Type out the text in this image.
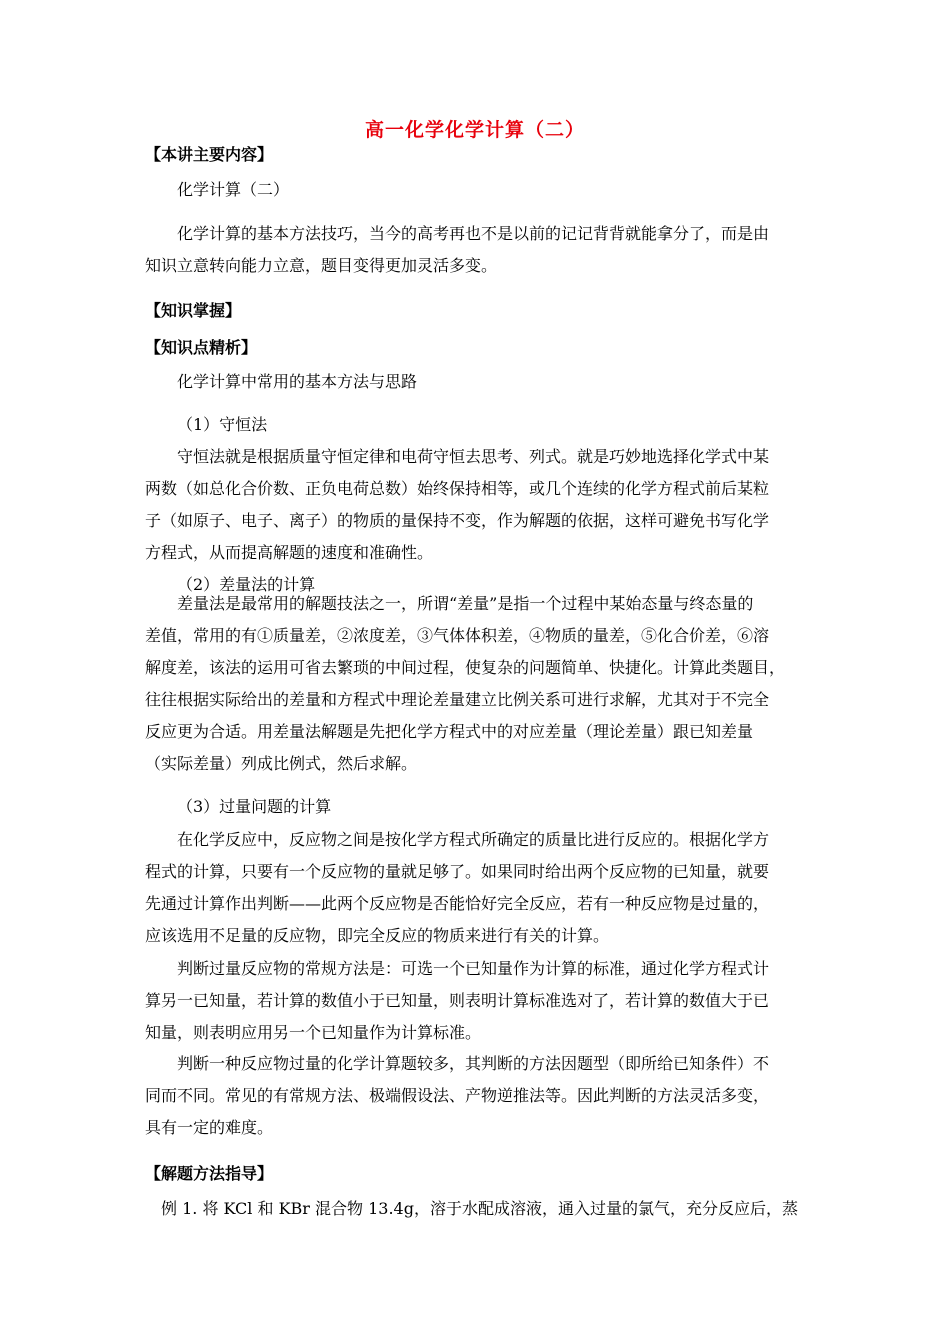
高一化学化学计算（二）
【本讲主要内容】
化学计算（二）
化学计算的基本方法技巧，当今的高考再也不是以前的记记背背就能拿分了，而是由
知识立意转向能力立意，题目变得更加灵活多变。
【知识掌握】
【知识点精析】
化学计算中常用的基本方法与思路
（1）守恒法
守恒法就是根据质量守恒定律和电荷守恒去思考、列式。就是巧妙地选择化学式中某
两数（如总化合价数、正负电荷总数）始终保持相等，或几个连续的化学方程式前后某粒
子（如原子、电子、离子）的物质的量保持不变，作为解题的依据，这样可避免书写化学
方程式，从而提高解题的速度和准确性。
（2）差量法的计算
差量法是最常用的解题技法之一，所谓“差量”是指一个过程中某始态量与终态量的
差值，常用的有①质量差，②浓度差，③气体体积差，④物质的量差，⑤化合价差，⑥溶
解度差，该法的运用可省去繁琐的中间过程，使复杂的问题简单、快捷化。计算此类题目，
往往根据实际给出的差量和方程式中理论差量建立比例关系可进行求解，尤其对于不完全
反应更为合适。用差量法解题是先把化学方程式中的对应差量（理论差量）跟已知差量
（实际差量）列成比例式，然后求解。
（3）过量问题的计算
在化学反应中，反应物之间是按化学方程式所确定的质量比进行反应的。根据化学方
程式的计算，只要有一个反应物的量就足够了。如果同时给出两个反应物的已知量，就要
先通过计算作出判断——此两个反应物是否能恰好完全反应，若有一种反应物是过量的，
应该选用不足量的反应物，即完全反应的物质来进行有关的计算。
判断过量反应物的常规方法是：可选一个已知量作为计算的标准，通过化学方程式计
算另一已知量，若计算的数值小于已知量，则表明计算标准选对了，若计算的数值大于已
知量，则表明应用另一个已知量作为计算标准。
判断一种反应物过量的化学计算题较多，其判断的方法因题型（即所给已知条件）不
同而不同。常见的有常规方法、极端假设法、产物逆推法等。因此判断的方法灵活多变，
具有一定的难度。
【解题方法指导】
例 1. 将 KCl 和 KBr 混合物 13.4g，溶于水配成溶液，通入过量的氯气，充分反应后，蒸
